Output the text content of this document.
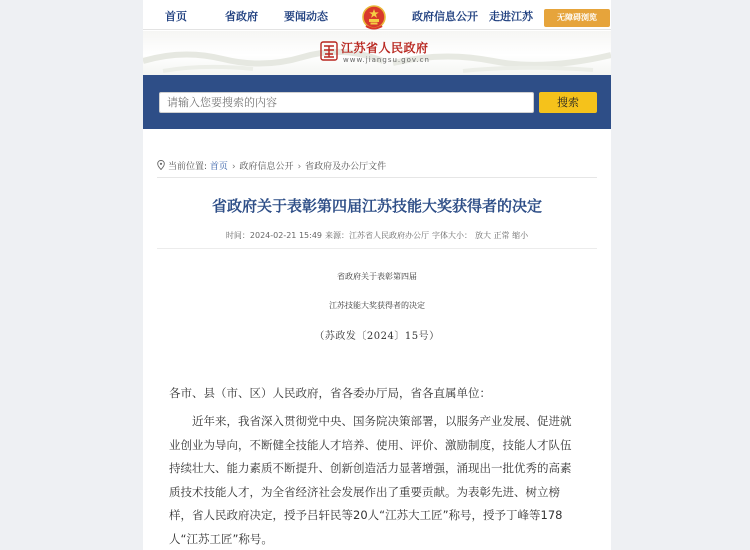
首页	省政府 要闻动态	政府信息公开 走进江苏	无障碍浏览
江苏省人民政府
www.jiangsu.gov.cn
请输入您要搜索的内容
搜索
当前位置: 首页 › 政府信息公开 › 省政府及办公厅文件
省政府关于表彰第四届江苏技能大奖获得者的决定
时间：2024-02-21 15:49 来源：江苏省人民政府办公厅 字体大小： 放大 正常 缩小
省政府关于表彰第四届
江苏技能大奖获得者的决定
（苏政发〔2024〕15号）
各市、县（市、区）人民政府，省各委办厅局，省各直属单位：
近年来，我省深入贯彻党中央、国务院决策部署，以服务产业发展、促进就
业创业为导向，不断健全技能人才培养、使用、评价、激励制度，技能人才队伍
持续壮大、能力素质不断提升、创新创造活力显著增强，涌现出一批优秀的高素
质技术技能人才，为全省经济社会发展作出了重要贡献。为表彰先进、树立榜
样，省人民政府决定，授予吕轩民等20人“江苏大工匠”称号，授予丁峰等178
人“江苏工匠”称号。
